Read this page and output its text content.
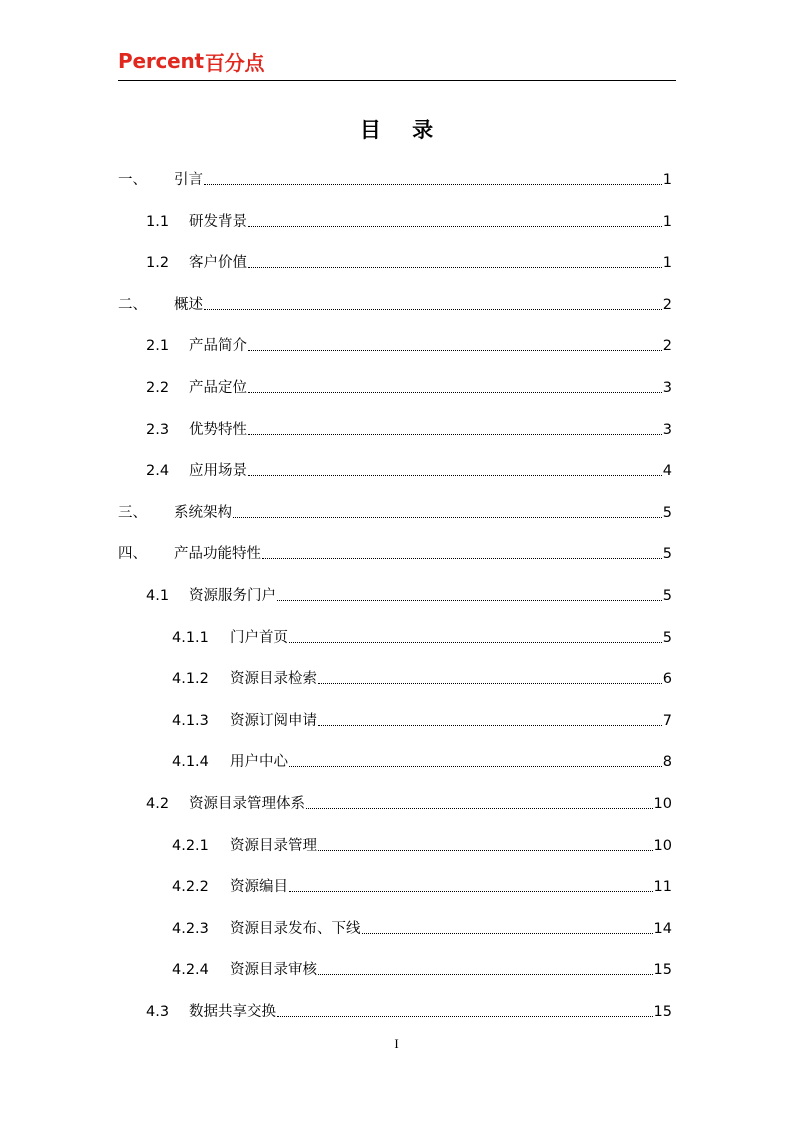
Percent 百分点
目 录
一、	引言	1
1.1	研发背景	1
1.2	客户价值	1
二、	概述	2
2.1	产品简介	2
2.2	产品定位	3
2.3	优势特性	3
2.4	应用场景	4
三、	系统架构	5
四、	产品功能特性	5
4.1	资源服务门户	5
4.1.1	门户首页	5
4.1.2	资源目录检索	6
4.1.3	资源订阅申请	7
4.1.4	用户中心	8
4.2	资源目录管理体系	10
4.2.1	资源目录管理	10
4.2.2	资源编目	11
4.2.3	资源目录发布、下线	14
4.2.4	资源目录审核	15
4.3	数据共享交换	15
I
